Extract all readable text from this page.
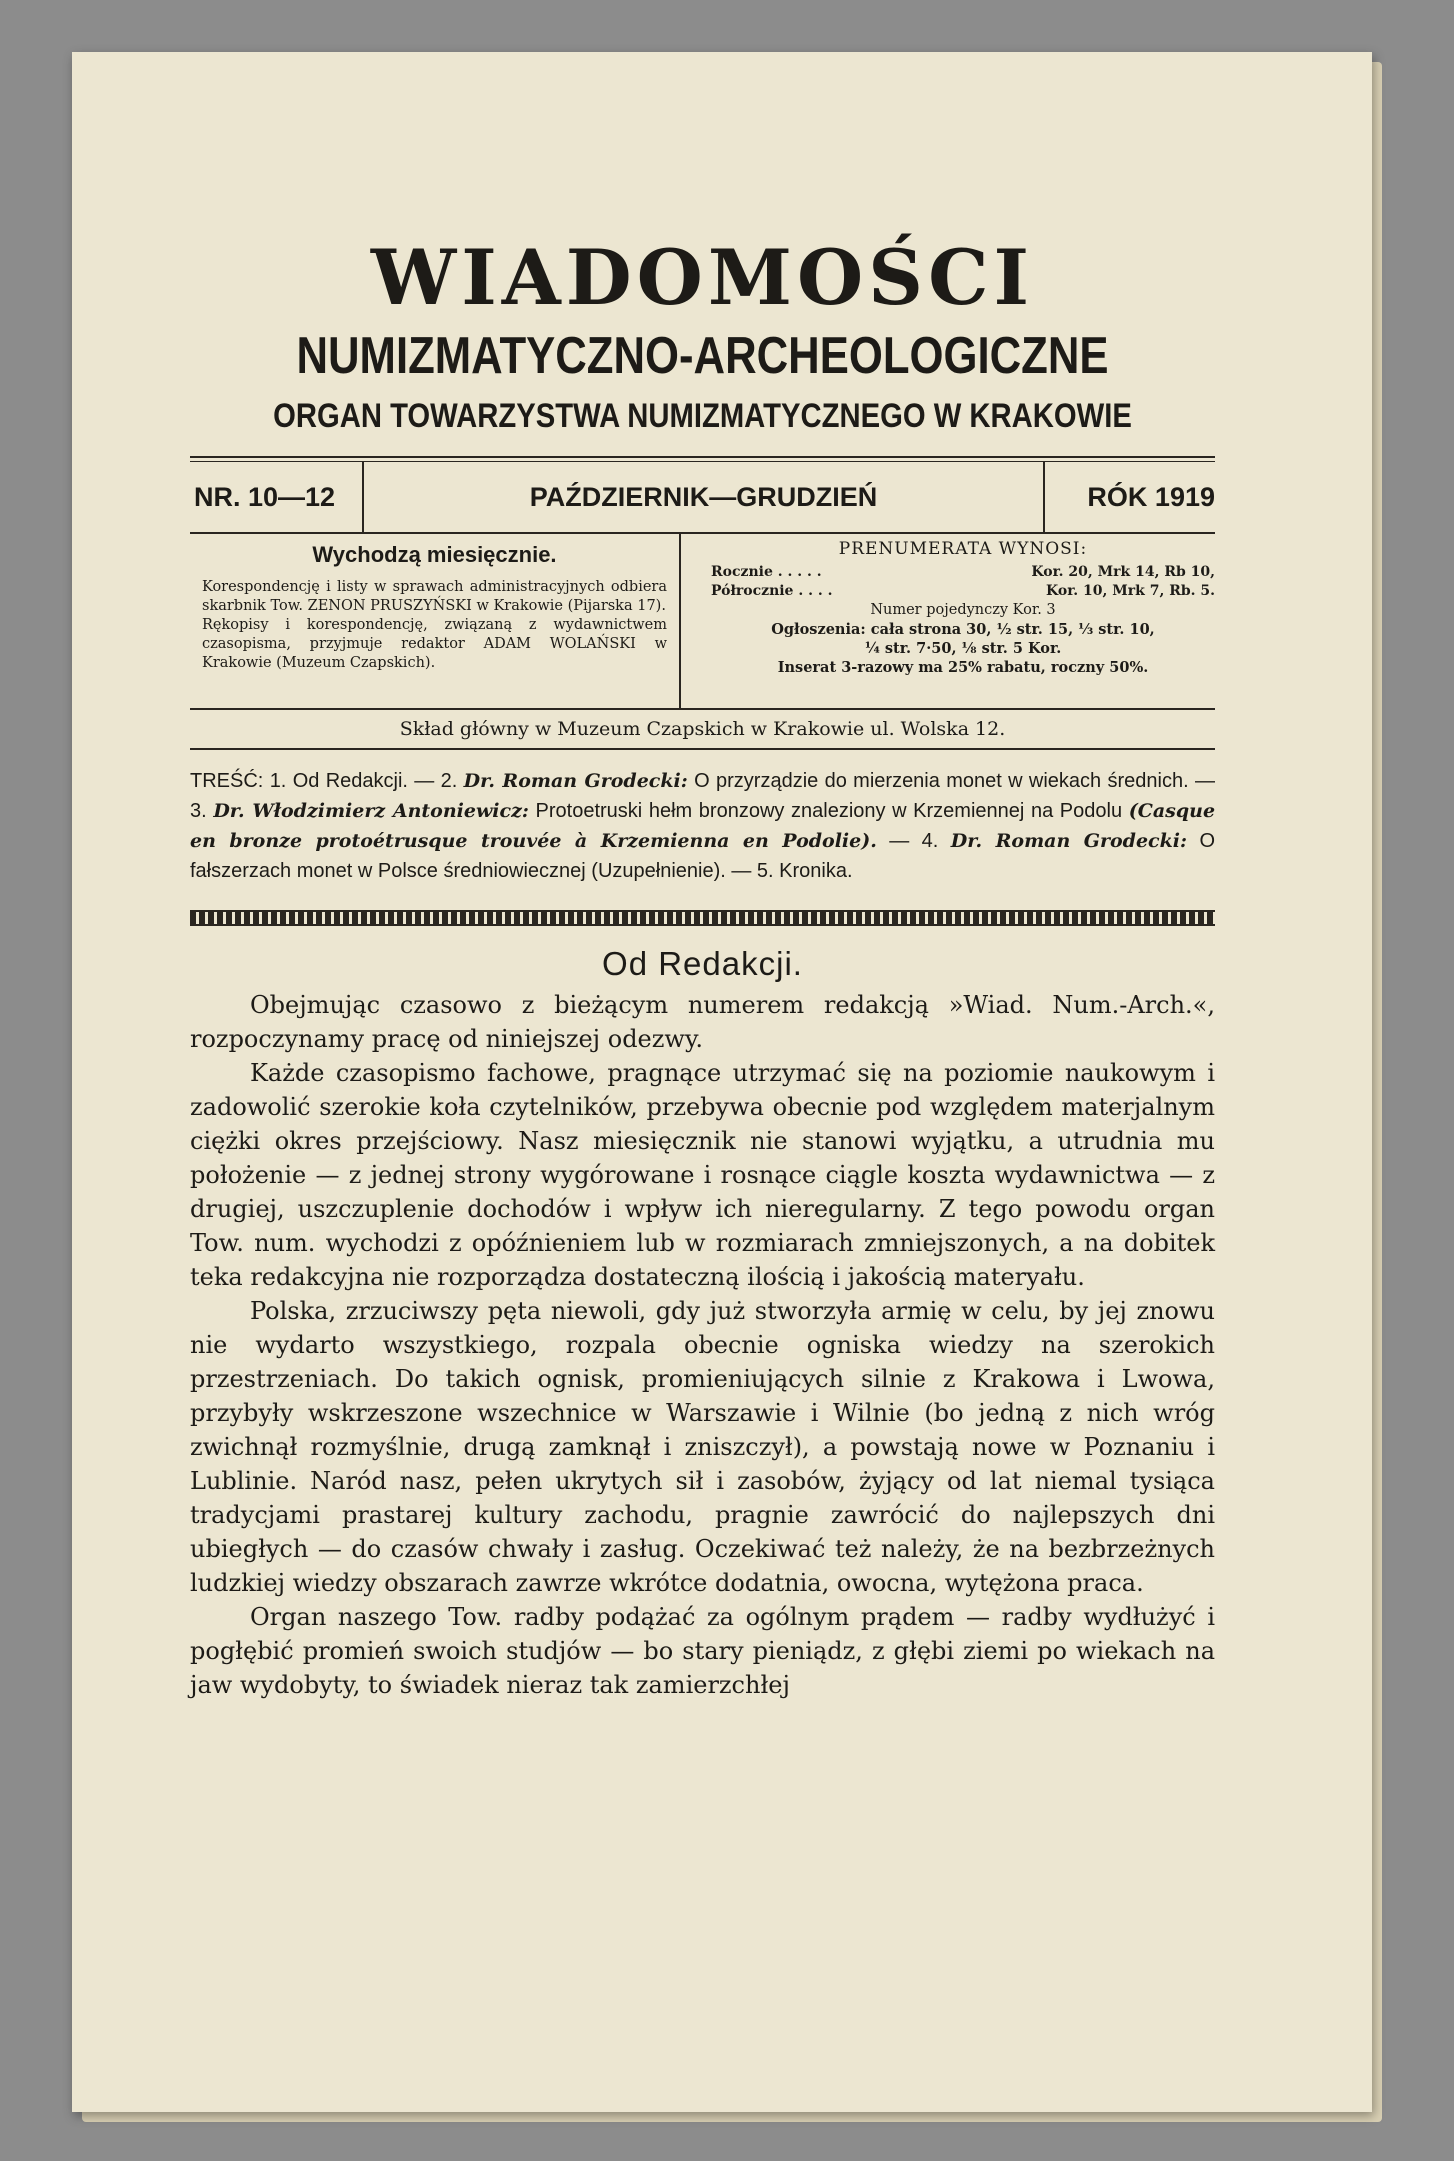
WIADOMOŚCI
NUMIZMATYCZNO-ARCHEOLOGICZNE
ORGAN TOWARZYSTWA NUMIZMATYCZNEGO W KRAKOWIE
NR. 10—12	PAŹDZIERNIK—GRUDZIEŃ	RÓK 1919
Wychodzą miesięcznie.

Korespondencję i listy w sprawach administracyjnych odbiera skarbnik Tow. ZENON PRUSZYŃSKI w Krakowie (Pijarska 17).

Rękopisy i korespondencję, związaną z wydawnictwem czasopisma, przyjmuje redaktor ADAM WOLAŃSKI w Krakowie (Muzeum Czapskich).

PRENUMERATA WYNOSI:
Rocznie . . . . .	Kor. 20, Mrk 14, Rb 10,
Półrocznie . . . .	Kor. 10, Mrk 7, Rb. 5.
Numer pojedynczy Kor. 3
Ogłoszenia: cała strona 30, ½ str. 15, ⅓ str. 10,
¼ str. 7·50, ⅛ str. 5 Kor.
Inserat 3-razowy ma 25% rabatu, roczny 50%.
Skład główny w Muzeum Czapskich w Krakowie ul. Wolska 12.
TREŚĆ: 1. Od Redakcji. — 2. Dr. Roman Grodecki: O przyrządzie do mierzenia monet w wiekach średnich. — 3. Dr. Włodzimierz Antoniewicz: Protoetruski hełm bronzowy znaleziony w Krzemiennej na Podolu (Casque en bronze protoétrusque trouvée à Krzemienna en Podolie). — 4. Dr. Roman Grodecki: O fałszerzach monet w Polsce średniowiecznej (Uzupełnienie). — 5. Kronika.
Od Redakcji.

Obejmując czasowo z bieżącym numerem redakcją »Wiad. Num.-Arch.«, rozpoczynamy pracę od niniejszej odezwy.

Każde czasopismo fachowe, pragnące utrzymać się na poziomie naukowym i zadowolić szerokie koła czytelników, przebywa obecnie pod względem materjalnym ciężki okres przejściowy. Nasz miesięcznik nie stanowi wyjątku, a utrudnia mu położenie — z jednej strony wygórowane i rosnące ciągle koszta wydawnictwa — z drugiej, uszczuplenie dochodów i wpływ ich nieregularny. Z tego powodu organ Tow. num. wychodzi z opóźnieniem lub w rozmiarach zmniejszonych, a na dobitek teka redakcyjna nie rozporządza dostateczną ilością i jakością materyału.

Polska, zrzuciwszy pęta niewoli, gdy już stworzyła armię w celu, by jej znowu nie wydarto wszystkiego, rozpala obecnie ogniska wiedzy na szerokich przestrzeniach. Do takich ognisk, promieniujących silnie z Krakowa i Lwowa, przybyły wskrzeszone wszechnice w Warszawie i Wilnie (bo jedną z nich wróg zwichnął rozmyślnie, drugą zamknął i zniszczył), a powstają nowe w Poznaniu i Lublinie. Naród nasz, pełen ukrytych sił i zasobów, żyjący od lat niemal tysiąca tradycjami prastarej kultury zachodu, pragnie zawrócić do najlepszych dni ubiegłych — do czasów chwały i zasług. Oczekiwać też należy, że na bezbrzeżnych ludzkiej wiedzy obszarach zawrze wkrótce dodatnia, owocna, wytężona praca.

Organ naszego Tow. radby podążać za ogólnym prądem — radby wydłużyć i pogłębić promień swoich studjów — bo stary pieniądz, z głębi ziemi po wiekach na jaw wydobyty, to świadek nieraz tak zamierzchłej
